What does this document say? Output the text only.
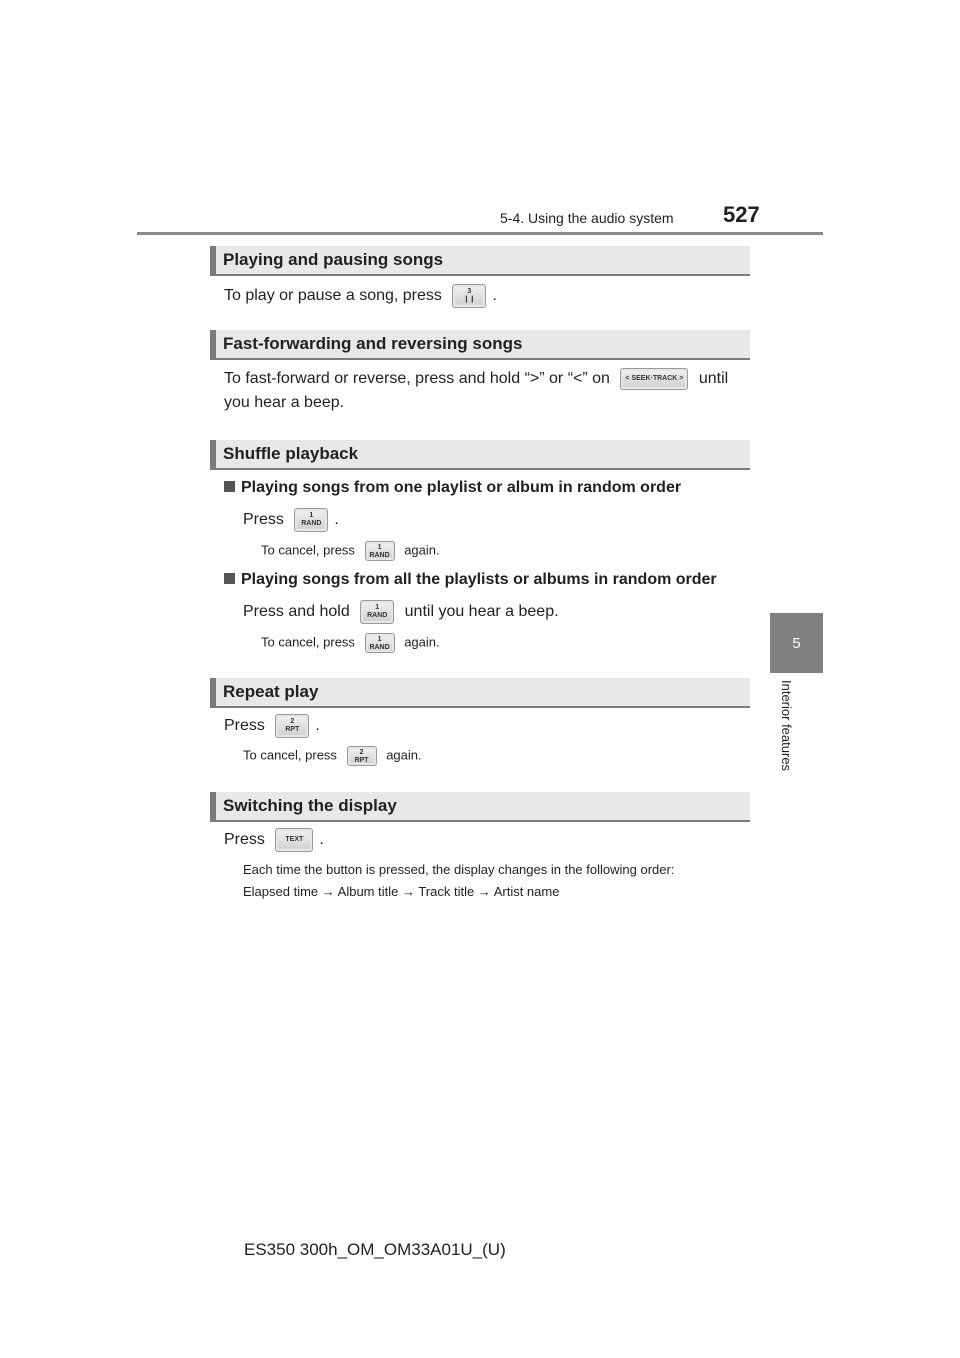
5-4. Using the audio system 527
5
Interior features
Playing and pausing songs
To play or pause a song, press	3
❙❙ .
Fast-forwarding and reversing songs
To fast-forward or reverse, press and hold “>” or “<” on < SEEK·TRACK > until
you hear a beep.
Shuffle playback
Playing songs from one playlist or album in random order
Press	1
RAND .
To cancel, press	1
RAND again.
Playing songs from all the playlists or albums in random order
Press and hold	1
RAND until you hear a beep.
To cancel, press	1
RAND again.
Repeat play
Press	2
RPT .
To cancel, press	2
RPT again.
Switching the display
Press	TEXT .
Each time the button is pressed, the display changes in the following order:
Elapsed time → Album title → Track title → Artist name
ES350 300h_OM_OM33A01U_(U)
